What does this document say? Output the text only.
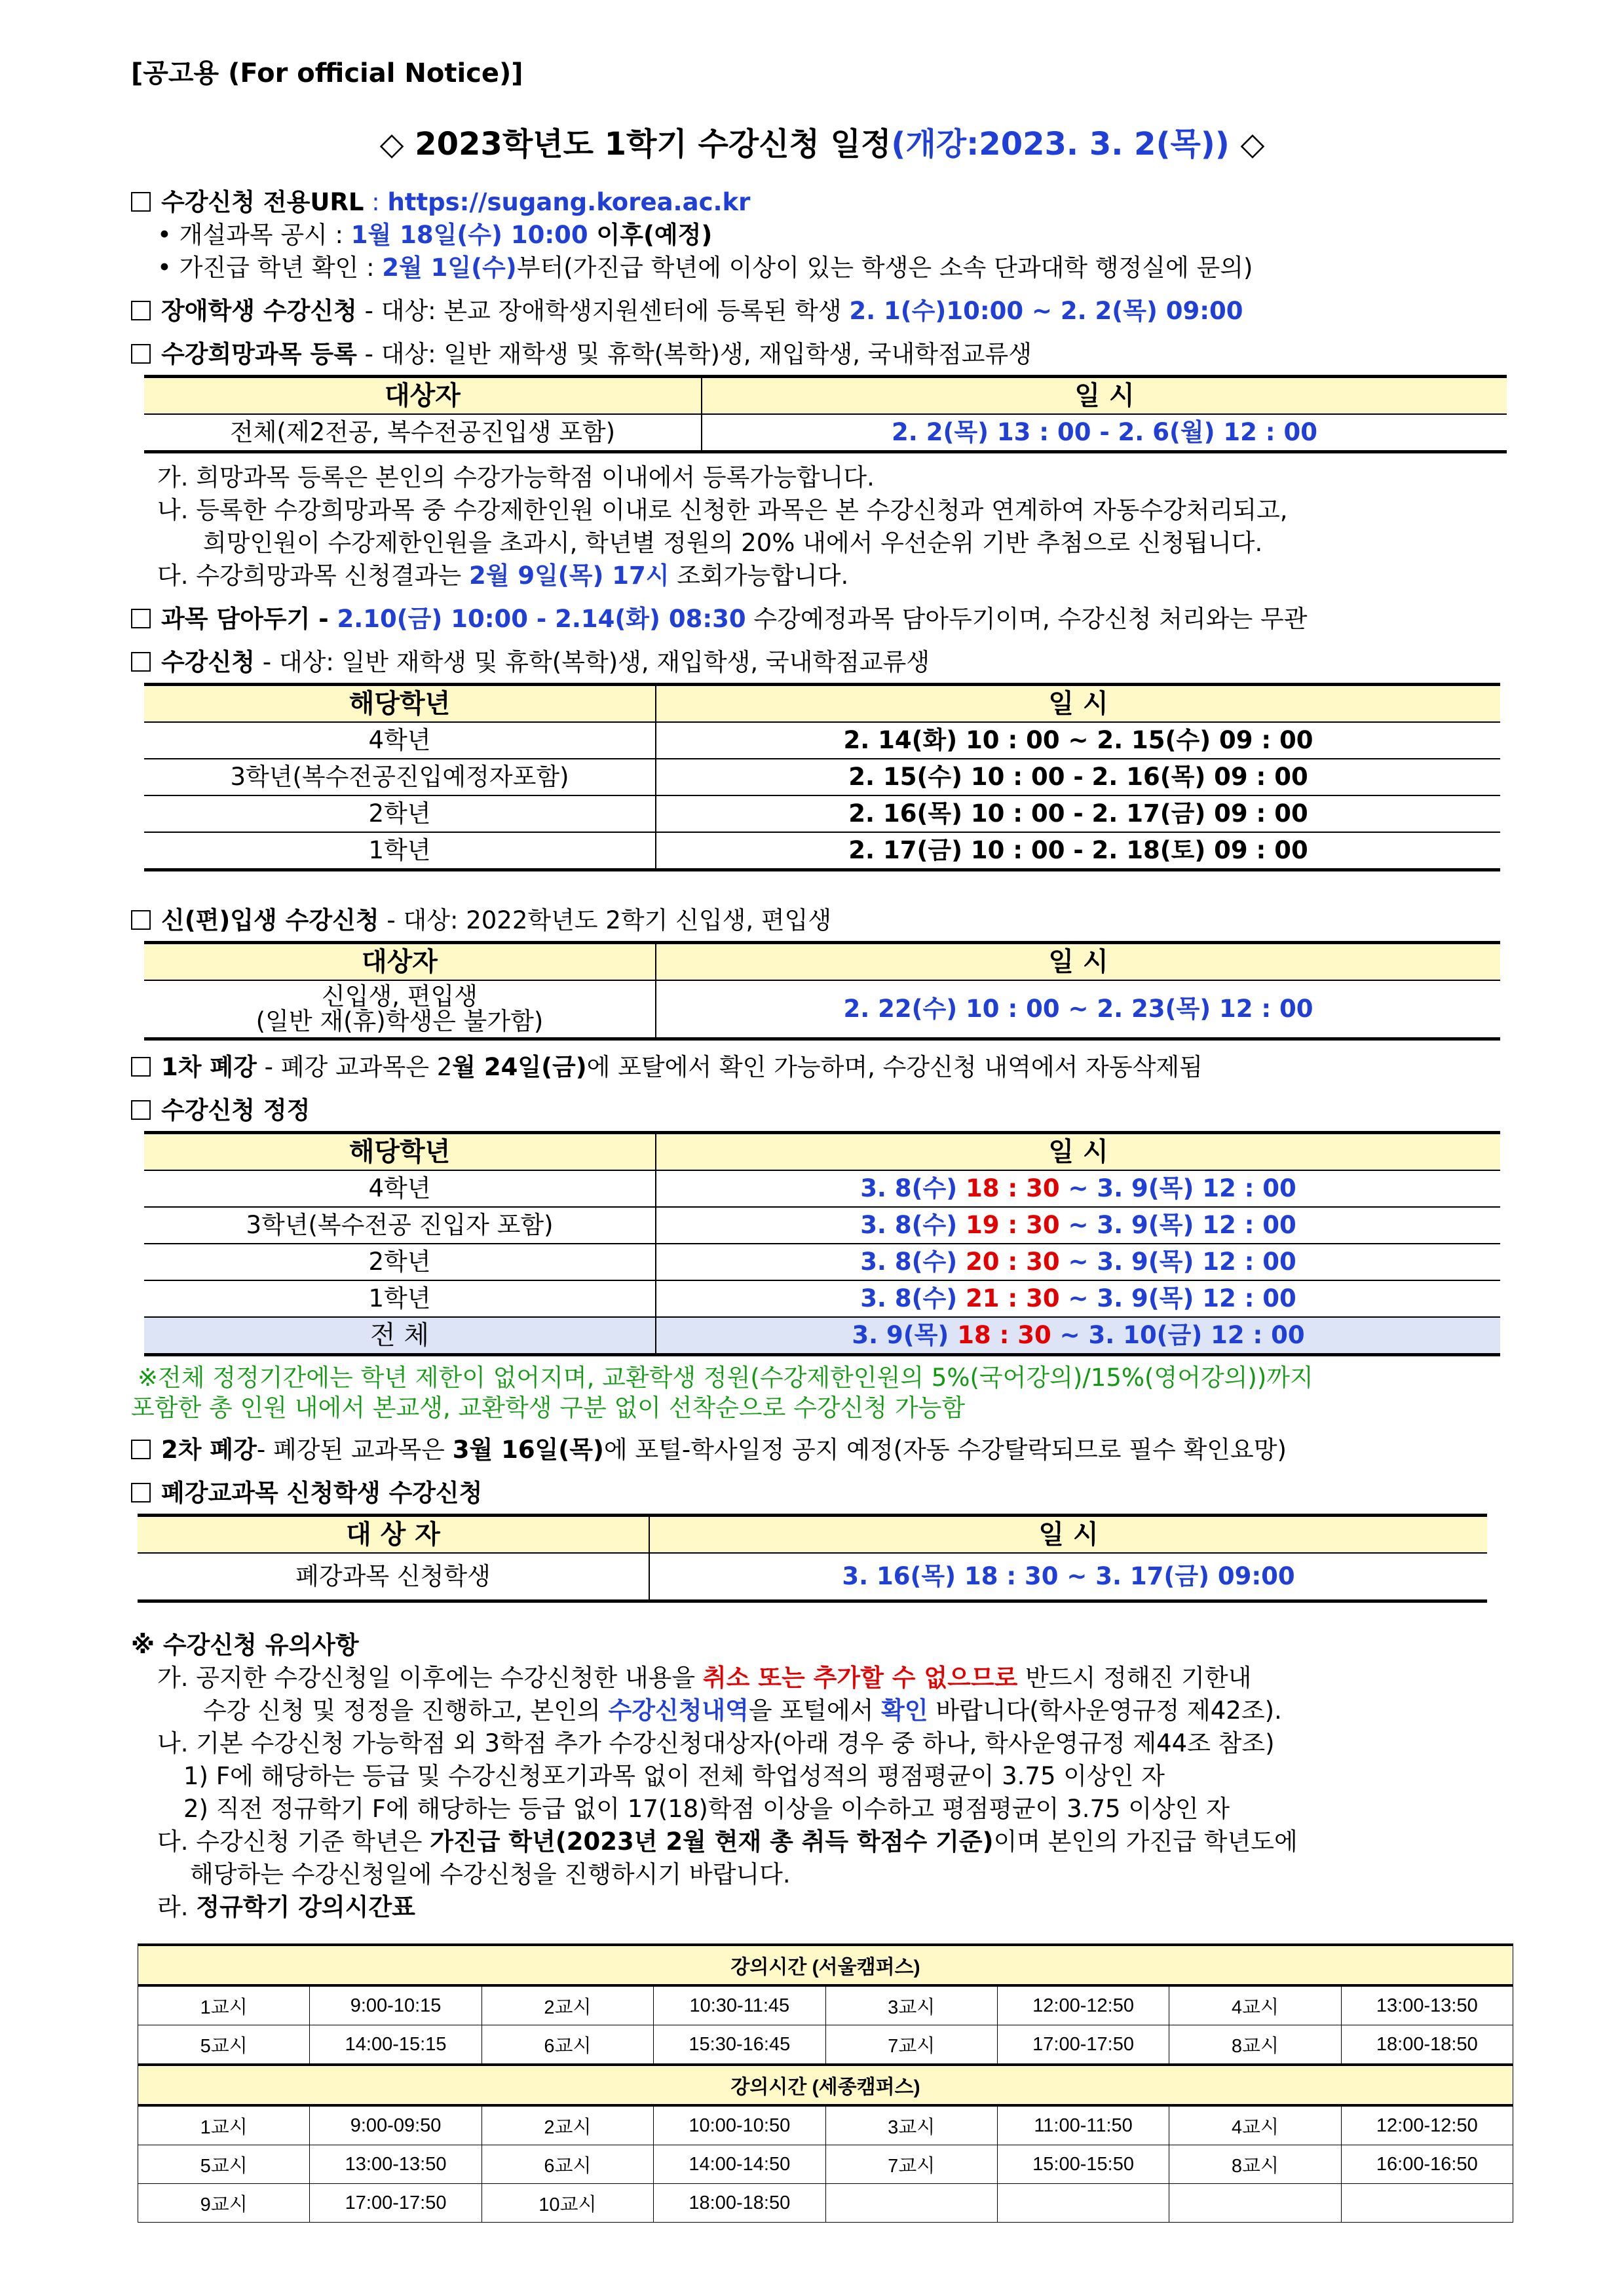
[공고용 (For official Notice)]
◇ 2023학년도 1학기 수강신청 일정(개강:2023. 3. 2(목)) ◇
수강신청 전용URL : https://sugang.korea.ac.kr
• 개설과목 공시 : 1월 18일(수) 10:00 이후(예정)
• 가진급 학년 확인 : 2월 1일(수)부터(가진급 학년에 이상이 있는 학생은 소속 단과대학 행정실에 문의)
장애학생 수강신청 - 대상: 본교 장애학생지원센터에 등록된 학생 2. 1(수)10:00 ~ 2. 2(목) 09:00
수강희망과목 등록 - 대상: 일반 재학생 및 휴학(복학)생, 재입학생, 국내학점교류생
대상자	일 시
전체(제2전공, 복수전공진입생 포함)	2. 2(목) 13 : 00 - 2. 6(월) 12 : 00
가. 희망과목 등록은 본인의 수강가능학점 이내에서 등록가능합니다.
나. 등록한 수강희망과목 중 수강제한인원 이내로 신청한 과목은 본 수강신청과 연계하여 자동수강처리되고,
희망인원이 수강제한인원을 초과시, 학년별 정원의 20% 내에서 우선순위 기반 추첨으로 신청됩니다.
다. 수강희망과목 신청결과는 2월 9일(목) 17시 조회가능합니다.
과목 담아두기 - 2.10(금) 10:00 - 2.14(화) 08:30 수강예정과목 담아두기이며, 수강신청 처리와는 무관
수강신청 - 대상: 일반 재학생 및 휴학(복학)생, 재입학생, 국내학점교류생
해당학년	일 시
4학년	2. 14(화) 10 : 00 ~ 2. 15(수) 09 : 00
3학년(복수전공진입예정자포함)	2. 15(수) 10 : 00 - 2. 16(목) 09 : 00
2학년	2. 16(목) 10 : 00 - 2. 17(금) 09 : 00
1학년	2. 17(금) 10 : 00 - 2. 18(토) 09 : 00
신(편)입생 수강신청 - 대상: 2022학년도 2학기 신입생, 편입생
대상자	일 시

신입생, 편입생
(일반 재(휴)학생은 불가함)	2. 22(수) 10 : 00 ~ 2. 23(목) 12 : 00
1차 폐강 - 폐강 교과목은 2월 24일(금)에 포탈에서 확인 가능하며, 수강신청 내역에서 자동삭제됨
수강신청 정정
해당학년	일 시
4학년	3. 8(수) 18 : 30 ~ 3. 9(목) 12 : 00
3학년(복수전공 진입자 포함)	3. 8(수) 19 : 30 ~ 3. 9(목) 12 : 00
2학년	3. 8(수) 20 : 30 ~ 3. 9(목) 12 : 00
1학년	3. 8(수) 21 : 30 ~ 3. 9(목) 12 : 00
전 체	3. 9(목) 18 : 30 ~ 3. 10(금) 12 : 00
※전체 정정기간에는 학년 제한이 없어지며, 교환학생 정원(수강제한인원의 5%(국어강의)/15%(영어강의))까지
포함한 총 인원 내에서 본교생, 교환학생 구분 없이 선착순으로 수강신청 가능함
2차 폐강- 폐강된 교과목은 3월 16일(목)에 포털-학사일정 공지 예정(자동 수강탈락되므로 필수 확인요망)
폐강교과목 신청학생 수강신청
대 상 자	일 시
폐강과목 신청학생	3. 16(목) 18 : 30 ~ 3. 17(금) 09:00
※ 수강신청 유의사항
가. 공지한 수강신청일 이후에는 수강신청한 내용을 취소 또는 추가할 수 없으므로 반드시 정해진 기한내
수강 신청 및 정정을 진행하고, 본인의 수강신청내역을 포털에서 확인 바랍니다(학사운영규정 제42조).
나. 기본 수강신청 가능학점 외 3학점 추가 수강신청대상자(아래 경우 중 하나, 학사운영규정 제44조 참조)
1) F에 해당하는 등급 및 수강신청포기과목 없이 전체 학업성적의 평점평균이 3.75 이상인 자
2) 직전 정규학기 F에 해당하는 등급 없이 17(18)학점 이상을 이수하고 평점평균이 3.75 이상인 자
다. 수강신청 기준 학년은 가진급 학년(2023년 2월 현재 총 취득 학점수 기준)이며 본인의 가진급 학년도에
해당하는 수강신청일에 수강신청을 진행하시기 바랍니다.
라. 정규학기 강의시간표
강의시간 (서울캠퍼스)							
1교시	9:00-10:15	2교시	10:30-11:45	3교시	12:00-12:50	4교시	13:00-13:50
5교시	14:00-15:15	6교시	15:30-16:45	7교시	17:00-17:50	8교시	18:00-18:50
강의시간 (세종캠퍼스)							
1교시	9:00-09:50	2교시	10:00-10:50	3교시	11:00-11:50	4교시	12:00-12:50
5교시	13:00-13:50	6교시	14:00-14:50	7교시	15:00-15:50	8교시	16:00-16:50
9교시	17:00-17:50	10교시	18:00-18:50				
